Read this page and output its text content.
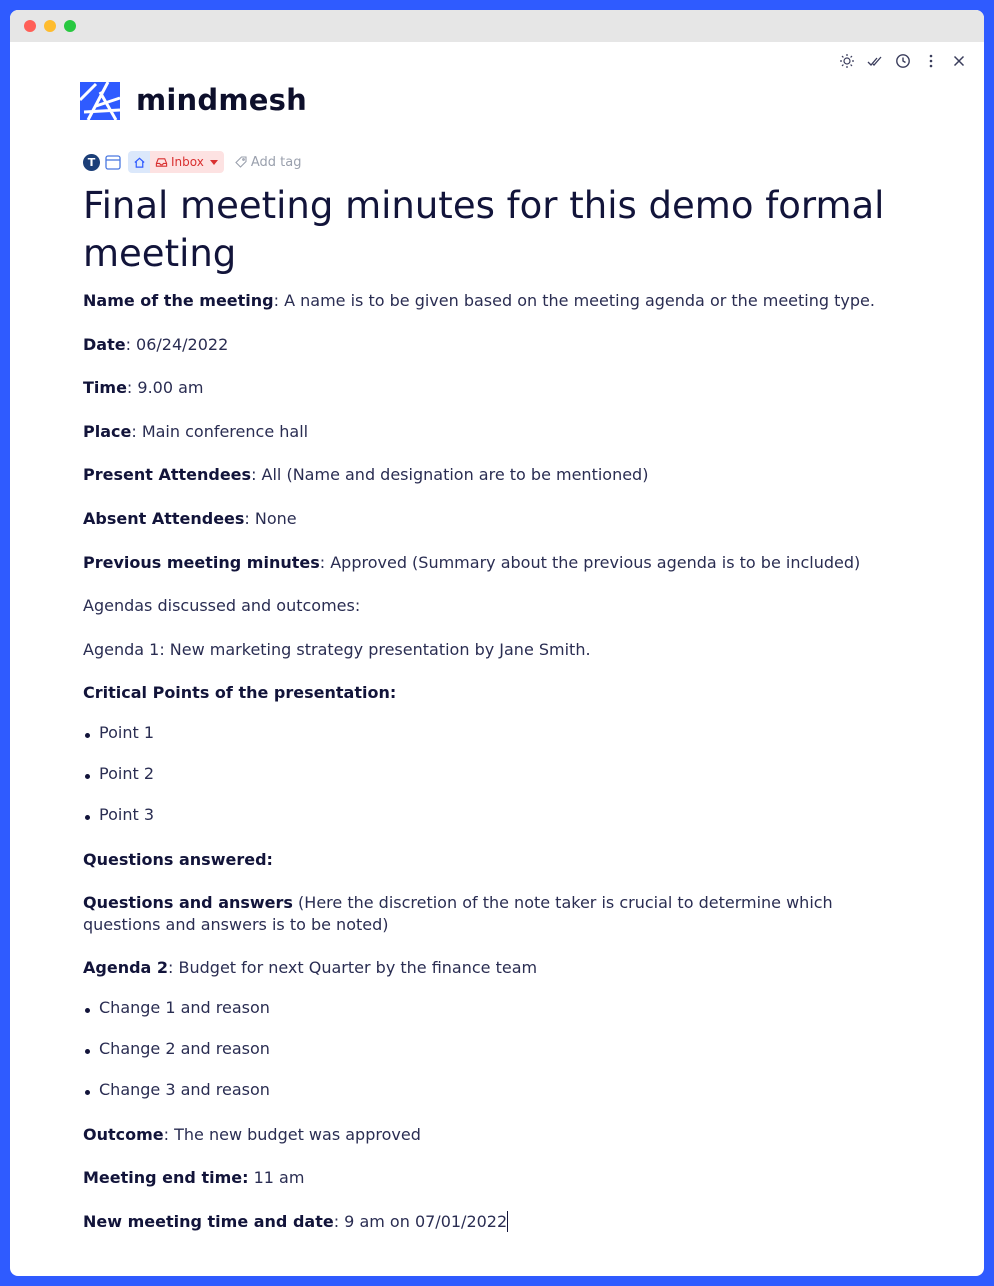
mindmesh
T	Inbox	Add tag
Final meeting minutes for this demo formal meeting
Name of the meeting: A name is to be given based on the meeting agenda or the meeting type.
Date: 06/24/2022
Time: 9.00 am
Place: Main conference hall
Present Attendees: All (Name and designation are to be mentioned)
Absent Attendees: None
Previous meeting minutes: Approved (Summary about the previous agenda is to be included)
Agendas discussed and outcomes:
Agenda 1: New marketing strategy presentation by Jane Smith.
Critical Points of the presentation:
Point 1
Point 2
Point 3
Questions answered:
Questions and answers (Here the discretion of the note taker is crucial to determine which
questions and answers is to be noted)
Agenda 2: Budget for next Quarter by the finance team
Change 1 and reason
Change 2 and reason
Change 3 and reason
Outcome: The new budget was approved
Meeting end time: 11 am
New meeting time and date: 9 am on 07/01/2022
